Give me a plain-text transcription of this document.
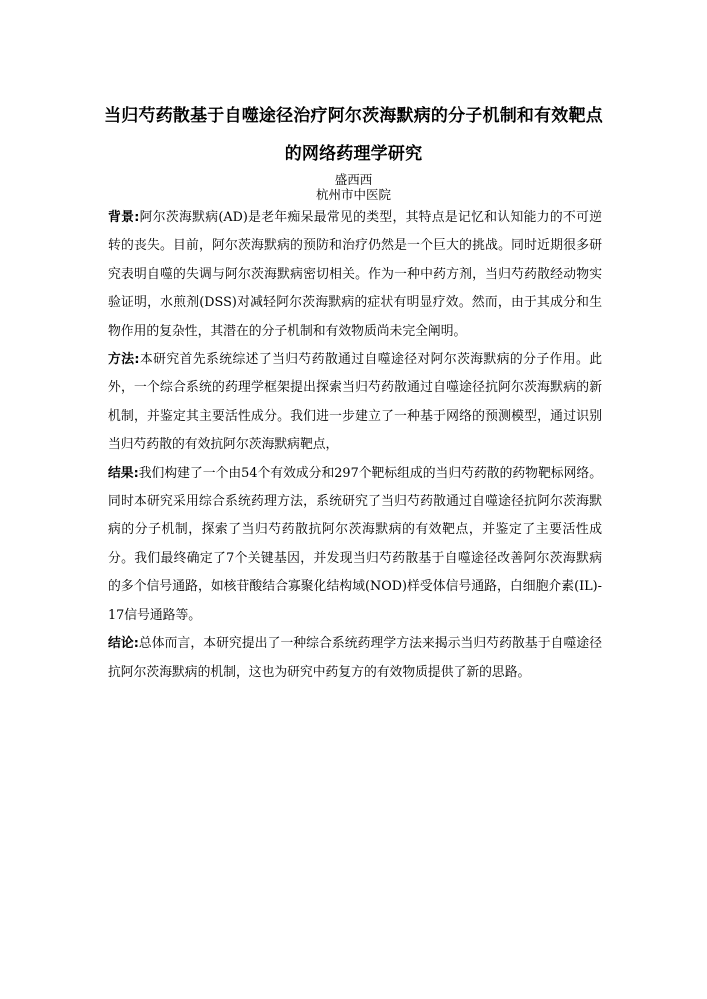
当归芍药散基于自噬途径治疗阿尔茨海默病的分子机制和有效靶点
的网络药理学研究
盛西西
杭州市中医院

背景:阿尔茨海默病(AD)是老年痴呆最常见的类型，其特点是记忆和认知能力的不可逆转的丧失。目前，阿尔茨海默病的预防和治疗仍然是一个巨大的挑战。同时近期很多研究表明自噬的失调与阿尔茨海默病密切相关。作为一种中药方剂，当归芍药散经动物实验证明，水煎剂(DSS)对减轻阿尔茨海默病的症状有明显疗效。然而，由于其成分和生物作用的复杂性，其潜在的分子机制和有效物质尚未完全阐明。

方法:本研究首先系统综述了当归芍药散通过自噬途径对阿尔茨海默病的分子作用。此外，一个综合系统的药理学框架提出探索当归芍药散通过自噬途径抗阿尔茨海默病的新机制，并鉴定其主要活性成分。我们进一步建立了一种基于网络的预测模型，通过识别当归芍药散的有效抗阿尔茨海默病靶点，

结果:我们构建了一个由54个有效成分和297个靶标组成的当归芍药散的药物靶标网络。同时本研究采用综合系统药理方法，系统研究了当归芍药散通过自噬途径抗阿尔茨海默病的分子机制，探索了当归芍药散抗阿尔茨海默病的有效靶点，并鉴定了主要活性成分。我们最终确定了7个关键基因，并发现当归芍药散基于自噬途径改善阿尔茨海默病的多个信号通路，如核苷酸结合寡聚化结构域(NOD)样受体信号通路，白细胞介素(IL)-17信号通路等。

结论:总体而言，本研究提出了一种综合系统药理学方法来揭示当归芍药散基于自噬途径抗阿尔茨海默病的机制，这也为研究中药复方的有效物质提供了新的思路。
